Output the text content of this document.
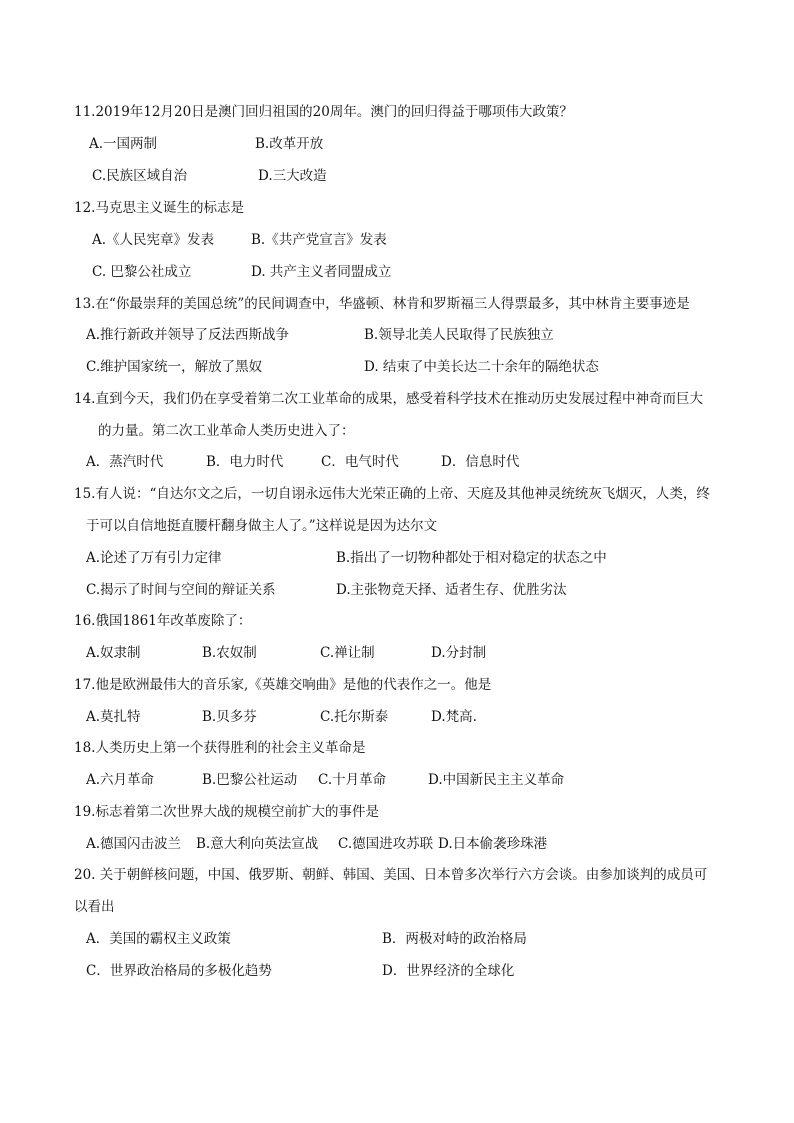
11.2019年12月20日是澳门回归祖国的20周年。澳门的回归得益于哪项伟大政策？
A.一国两制	B.改革开放
C.民族区域自治	D.三大改造
12.马克思主义诞生的标志是
A.《人民宪章》发表	B.《共产党宣言》发表
C. 巴黎公社成立	D. 共产主义者同盟成立
13.在“你最崇拜的美国总统”的民间调查中，华盛顿、林肯和罗斯福三人得票最多，其中林肯主要事迹是
A.推行新政并领导了反法西斯战争	B.领导北美人民取得了民族独立
C.维护国家统一，解放了黑奴	D. 结束了中美长达二十余年的隔绝状态
14.直到今天，我们仍在享受着第二次工业革命的成果，感受着科学技术在推动历史发展过程中神奇而巨大
的力量。第二次工业革命人类历史进入了：
A．蒸汽时代	B．电力时代	C．电气时代	D．信息时代
15.有人说：“自达尔文之后，一切自诩永远伟大光荣正确的上帝、天庭及其他神灵统统灰飞烟灭，人类，终
于可以自信地挺直腰杆翻身做主人了。”这样说是因为达尔文
A.论述了万有引力定律	B.指出了一切物种都处于相对稳定的状态之中
C.揭示了时间与空间的辩证关系	D.主张物竞天择、适者生存、优胜劣汰
16.俄国1861年改革废除了：
A.奴隶制	B.农奴制	C.禅让制	D.分封制
17.他是欧洲最伟大的音乐家,《英雄交响曲》是他的代表作之一。他是
A.莫扎特	B.贝多芬	C.托尔斯泰	D.梵高.
18.人类历史上第一个获得胜利的社会主义革命是
A.六月革命	B.巴黎公社运动 C.十月革命	D.中国新民主主义革命
19.标志着第二次世界大战的规模空前扩大的事件是
A.德国闪击波兰 B.意大利向英法宣战 C.德国进攻苏联 D.日本偷袭珍珠港
20. 关于朝鲜核问题，中国、俄罗斯、朝鲜、韩国、美国、日本曾多次举行六方会谈。由参加谈判的成员可
以看出
A．美国的霸权主义政策	B．两极对峙的政治格局
C．世界政治格局的多极化趋势	D．世界经济的全球化
